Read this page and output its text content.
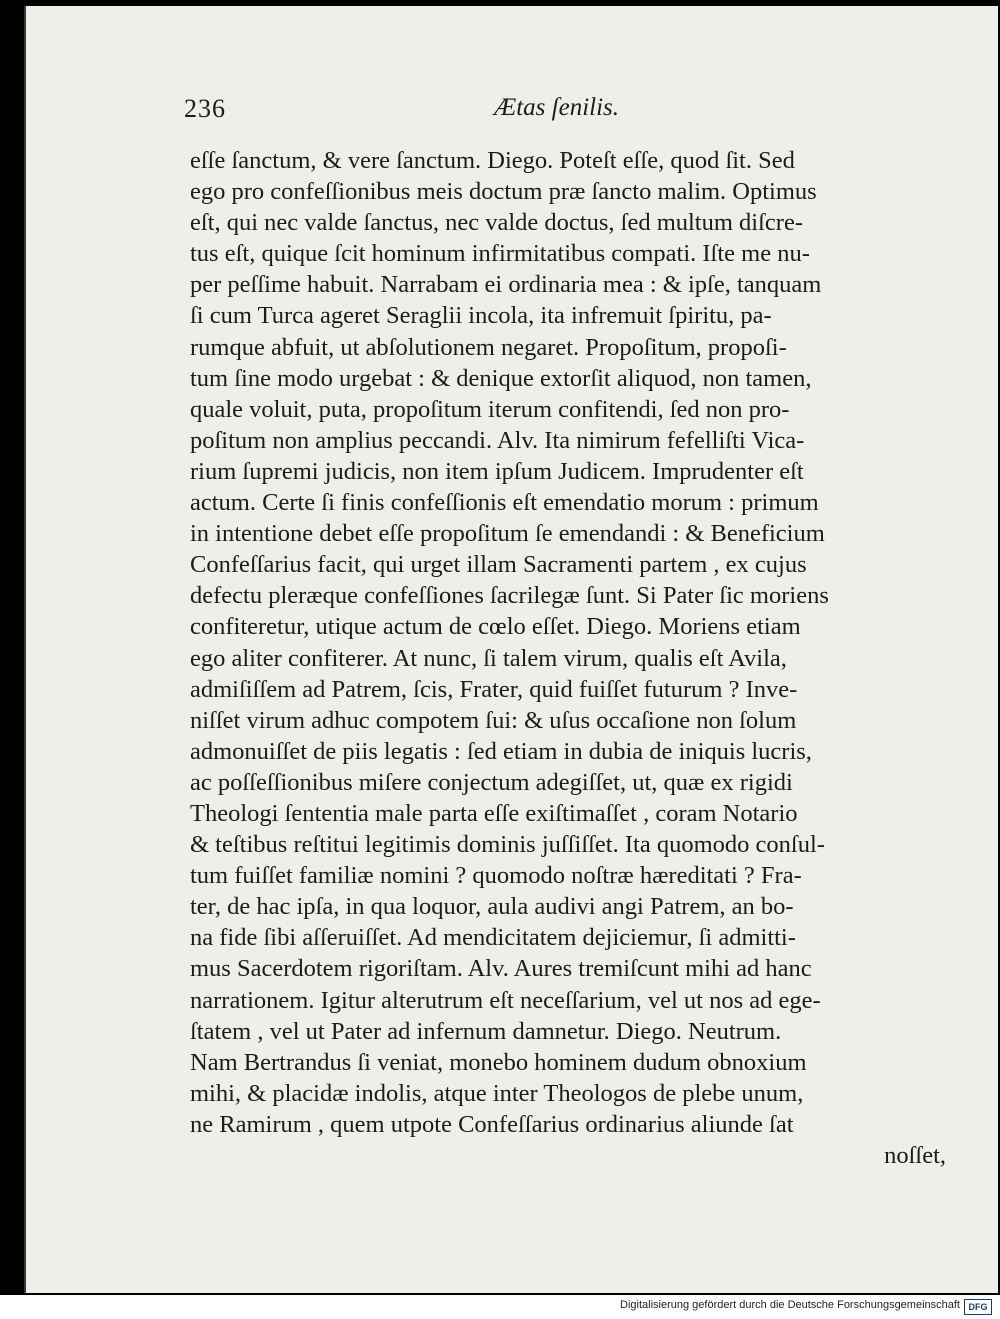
236	Ætas ſenilis.
eſſe ſanctum, & vere ſanctum. Diego. Poteſt eſſe, quod ſit. Sed
ego pro confeſſionibus meis doctum præ ſancto malim. Optimus
eſt, qui nec valde ſanctus, nec valde doctus, ſed multum diſcre-
tus eſt, quique ſcit hominum infirmitatibus compati. Iſte me nu-
per peſſime habuit. Narrabam ei ordinaria mea : & ipſe, tanquam
ſi cum Turca ageret Seraglii incola, ita infremuit ſpiritu, pa-
rumque abfuit, ut abſolutionem negaret. Propoſitum, propoſi-
tum ſine modo urgebat : & denique extorſit aliquod, non tamen,
quale voluit, puta, propoſitum iterum confitendi, ſed non pro-
poſitum non amplius peccandi. Alv. Ita nimirum fefelliſti Vica-
rium ſupremi judicis, non item ipſum Judicem. Imprudenter eſt
actum. Certe ſi finis confeſſionis eſt emendatio morum : primum
in intentione debet eſſe propoſitum ſe emendandi : & Beneficium
Confeſſarius facit, qui urget illam Sacramenti partem , ex cujus
defectu pleræque confeſſiones ſacrilegæ ſunt. Si Pater ſic moriens
confiteretur, utique actum de cœlo eſſet. Diego. Moriens etiam
ego aliter confiterer. At nunc, ſi talem virum, qualis eſt Avila,
admiſiſſem ad Patrem, ſcis, Frater, quid fuiſſet futurum ? Inve-
niſſet virum adhuc compotem ſui: & uſus occaſione non ſolum
admonuiſſet de piis legatis : ſed etiam in dubia de iniquis lucris,
ac poſſeſſionibus miſere conjectum adegiſſet, ut, quæ ex rigidi
Theologi ſententia male parta eſſe exiſtimaſſet , coram Notario
& teſtibus reſtitui legitimis dominis juſſiſſet. Ita quomodo conſul-
tum fuiſſet familiæ nomini ? quomodo noſtræ hæreditati ? Fra-
ter, de hac ipſa, in qua loquor, aula audivi angi Patrem, an bo-
na fide ſibi aſſeruiſſet. Ad mendicitatem dejiciemur, ſi admitti-
mus Sacerdotem rigoriſtam. Alv. Aures tremiſcunt mihi ad hanc
narrationem. Igitur alterutrum eſt neceſſarium, vel ut nos ad ege-
ſtatem , vel ut Pater ad infernum damnetur. Diego. Neutrum.
Nam Bertrandus ſi veniat, monebo hominem dudum obnoxium
mihi, & placidæ indolis, atque inter Theologos de plebe unum,
ne Ramirum , quem utpote Confeſſarius ordinarius aliunde ſat
noſſet,
Digitalisierung gefördert durch die Deutsche Forschungsgemeinschaft DFG
